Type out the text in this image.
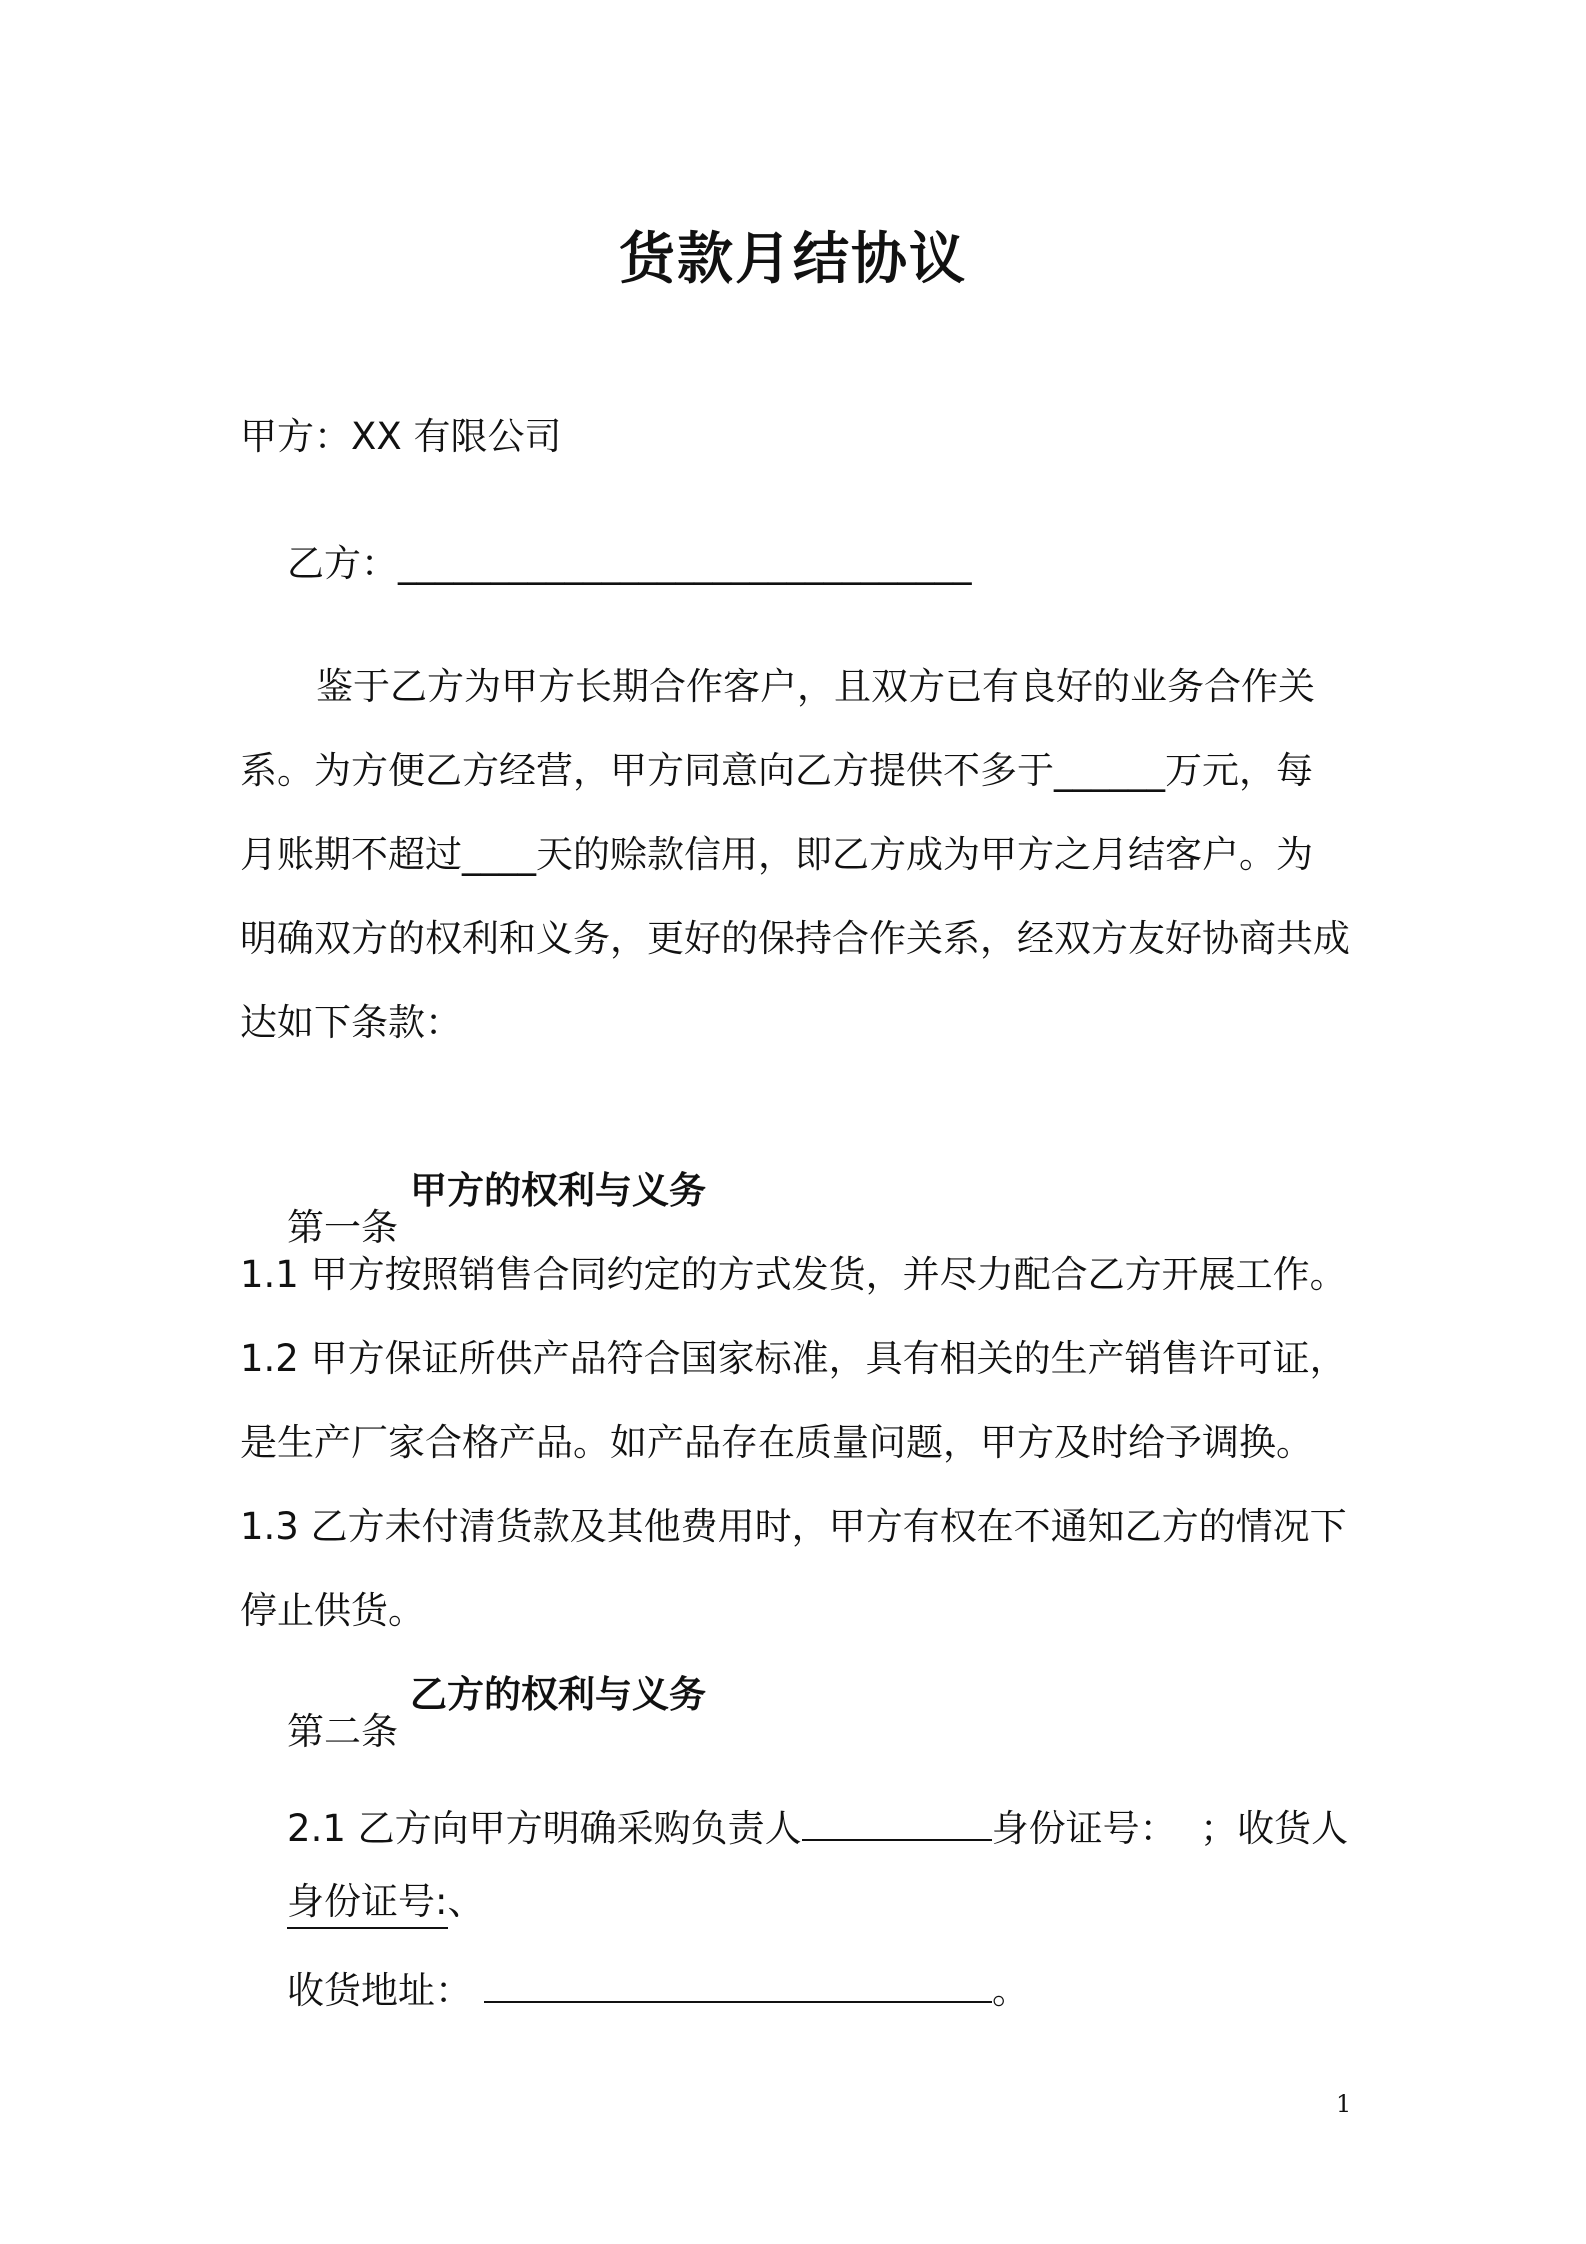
货款月结协议
甲方：XX 有限公司

乙方：_______________________________

鉴于乙方为甲方长期合作客户，且双方已有良好的业务合作关
系。为方便乙方经营，甲方同意向乙方提供不多于______万元，每
月账期不超过____天的赊款信用，即乙方成为甲方之月结客户。为
明确双方的权利和义务，更好的保持合作关系，经双方友好协商共成
达如下条款：

第一条

甲方的权利与义务

1.1 甲方按照销售合同约定的方式发货，并尽力配合乙方开展工作。
1.2 甲方保证所供产品符合国家标准，具有相关的生产销售许可证，
是生产厂家合格产品。如产品存在质量问题，甲方及时给予调换。
1.3 乙方未付清货款及其他费用时，甲方有权在不通知乙方的情况下
停止供货。

第二条

乙方的权利与义务

2.1 乙方向甲方明确采购负责人	身份证号：  ；收货人

身份证号:、

收货地址：	。

1
